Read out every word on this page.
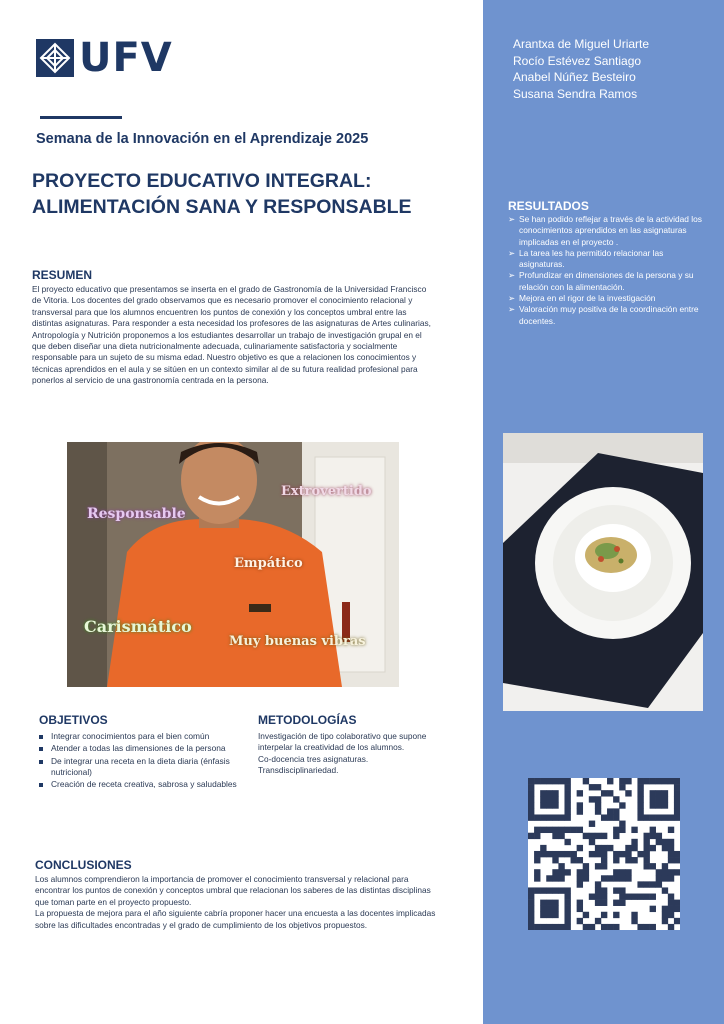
UFV
Semana de la Innovación en el Aprendizaje 2025
PROYECTO EDUCATIVO INTEGRAL:
ALIMENTACIÓN SANA Y RESPONSABLE
Arantxa de Miguel Uriarte
Rocío Estévez Santiago
Anabel Núñez Besteiro
Susana Sendra Ramos
RESULTADOS
➢ Se han podido reflejar a través de la actividad los conocimientos aprendidos en las asignaturas implicadas en el proyecto .
➢ La tarea les ha permitido relacionar las asignaturas.
➢ Profundizar en dimensiones de la persona y su relación con la alimentación.
➢ Mejora en el rigor de la investigación
➢ Valoración muy positiva de la coordinación entre docentes.
RESUMEN

El proyecto educativo que presentamos se inserta en el grado de Gastronomía de la Universidad Francisco de Vitoria. Los docentes del grado observamos que es necesario promover el conocimiento relacional y transversal para que los alumnos encuentren los puntos de conexión y los conceptos umbral entre las distintas asignaturas. Para responder a esta necesidad los profesores de las asignaturas de Artes culinarias, Antropología y Nutrición proponemos a los estudiantes desarrollar un trabajo de investigación grupal en el que deben diseñar una dieta nutricionalmente adecuada, culinariamente satisfactoria y socialmente responsable para un sujeto de su misma edad. Nuestro objetivo es que a relacionen los conocimientos y técnicas aprendidos en el aula y se sitúen en un contexto similar al de su futura realidad profesional para ponerlos al servicio de una gastronomía centrada en la persona.

Responsable
Extrovertido
Empático
Carismático
Muy buenas vibras
OBJETIVOS
Integrar conocimientos para el bien común
Atender a todas las dimensiones de la persona
De integrar una receta en la dieta diaria (énfasis nutricional)
Creación de receta creativa, sabrosa y saludables
METODOLOGÍAS
Investigación de tipo colaborativo que supone interpelar la creatividad de los alumnos.
Co-docencia tres asignaturas.
Transdisciplinariedad.
CONCLUSIONES
Los alumnos comprendieron la importancia de promover el conocimiento transversal y relacional para encontrar los puntos de conexión y conceptos umbral que relacionan los saberes de las distintas disciplinas que toman parte en el proyecto propuesto.
La propuesta de mejora para el año siguiente cabría proponer hacer una encuesta a las docentes implicadas sobre las dificultades encontradas y el grado de cumplimiento de los objetivos propuestos.
